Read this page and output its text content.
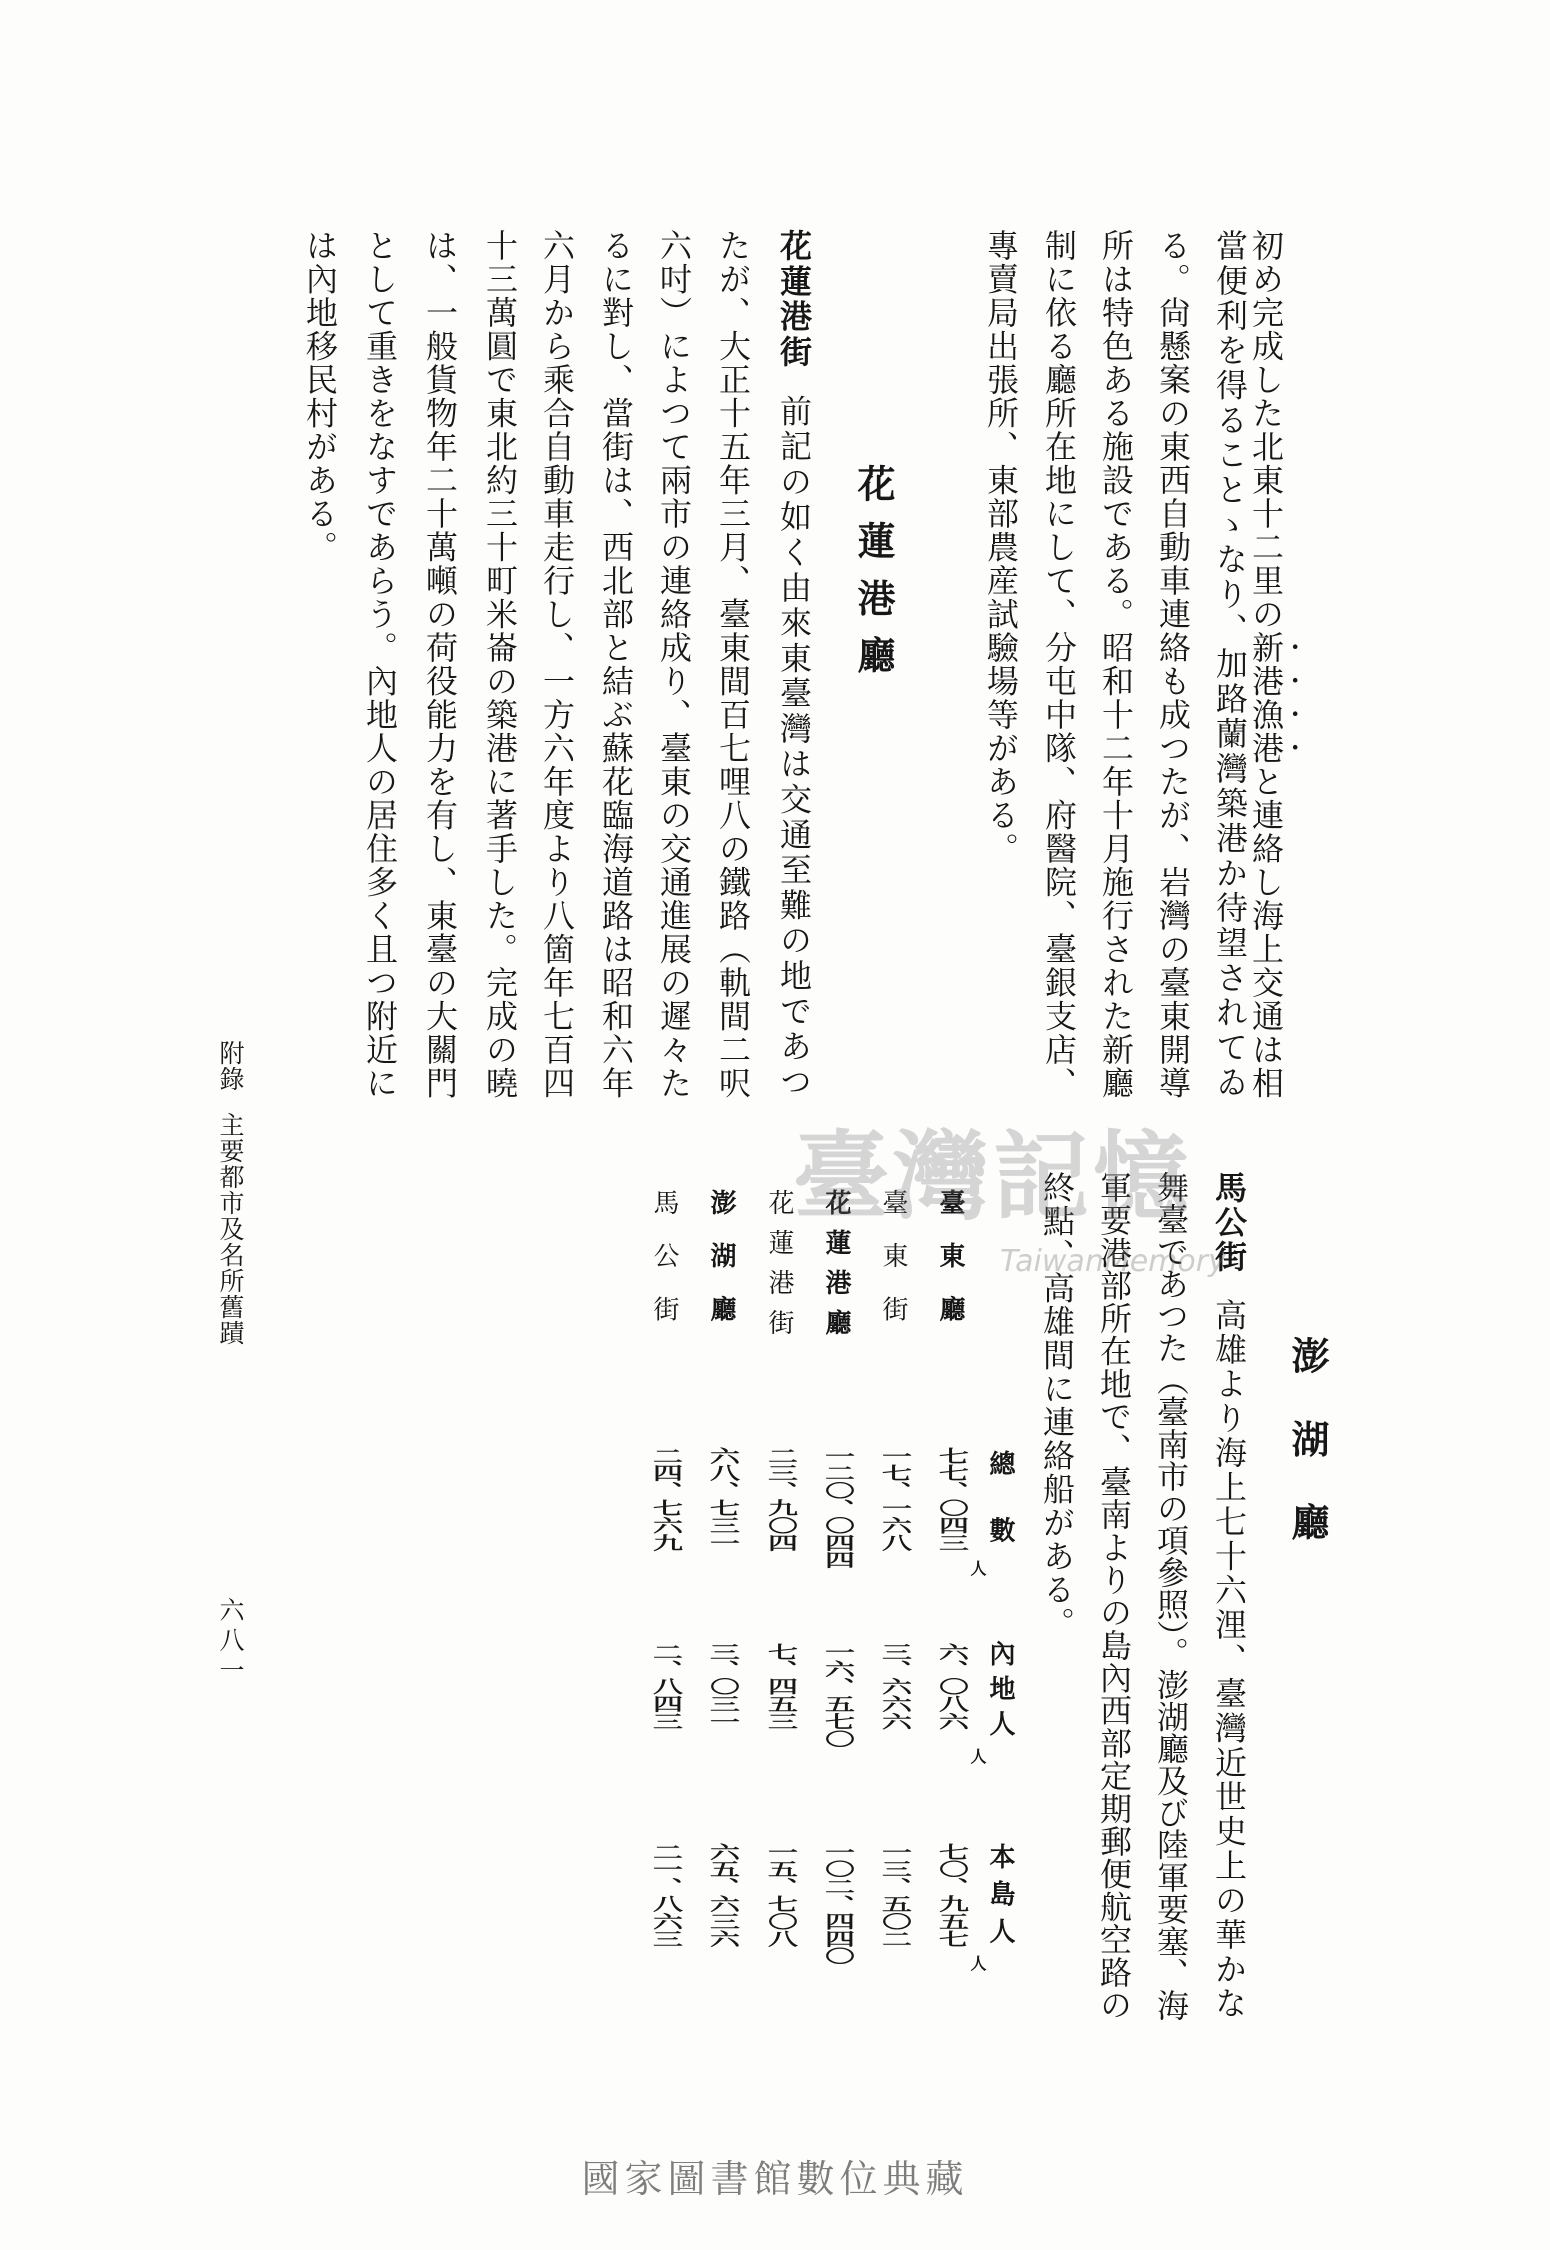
初め完成した北東十二里の新港漁港と連絡し海上交通は相
當便利を得ることゝなり、加路蘭灣築港か待望されてゐ
る。尙懸案の東西自動車連絡も成つたが、岩灣の臺東開導
所は特色ある施設である。昭和十二年十月施行された新廳
制に依る廳所在地にして、分屯中隊、府醫院、臺銀支店、
專賣局出張所、東部農産試驗場等がある。
花蓮港廳
花蓮港街前記の如く由來東臺灣は交通至難の地であつ
たが、大正十五年三月、臺東間百七哩八の鐵路（軌間二呎
六吋）によつて兩市の連絡成り、臺東の交通進展の遲々た
るに對し、當街は、西北部と結ぶ蘇花臨海道路は昭和六年
六月から乘合自動車走行し、一方六年度より八箇年七百四
十三萬圓で東北約三十町米崙の築港に著手した。完成の曉
は、一般貨物年二十萬噸の荷役能力を有し、東臺の大關門
として重きをなすであらう。內地人の居住多く且つ附近に
は內地移民村がある。
附錄主要都市及名所舊蹟
六八一
澎湖廳
馬公街高雄より海上七十六浬、臺灣近世史上の華かな
舞臺であつた（臺南市の項參照）。澎湖廳及び陸軍要塞、海
軍要港部所在地で、臺南よりの島內西部定期郵便航空路の
終點、高雄間に連絡船がある。
總　數
內地人
本島人
人
人
人
臺東廳
七七、〇四三
六、〇八六
七〇、九五七
臺東街
一七、一六八
三、六六六
一三、五〇二
花蓮港廳
一二〇、〇四四
一六、五七〇
一〇二、四四〇
花蓮港街
二三、九〇四
七、四五三
一五、七〇八
澎湖廳
六八、七三一
三、〇三一
六五、六三六
馬公街
二四、七六九
二、八四三
二一、八六三
臺灣記憶
TaiwanMemory
國家圖書館數位典藏
